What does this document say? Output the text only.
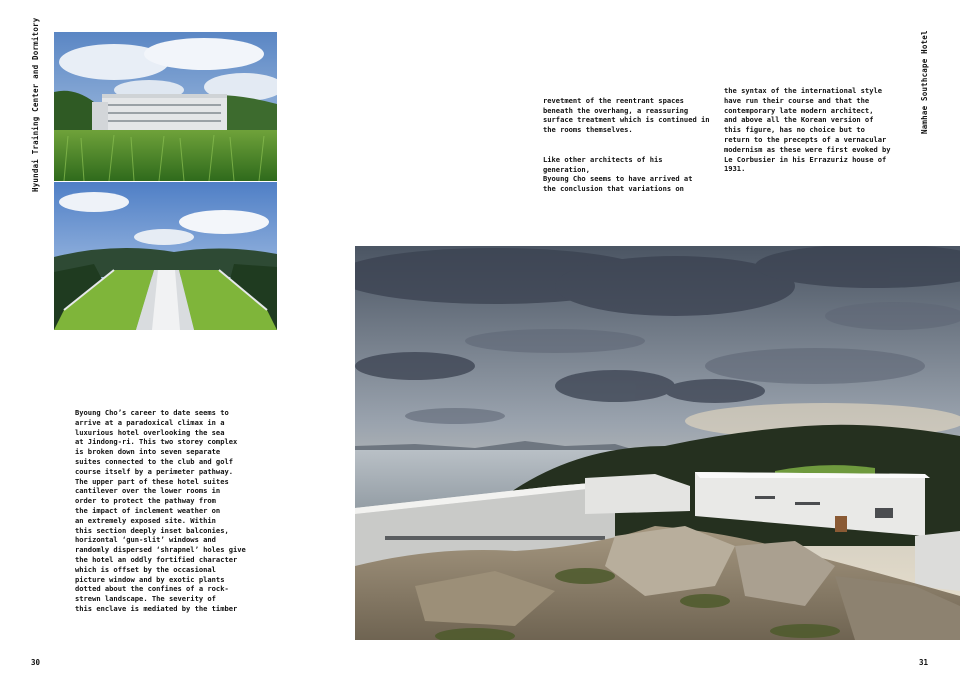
Hyundai Training Center and Dormitory	Namhae Southcape Hotel
Byoung Cho’s career to date seems to
arrive at a paradoxical climax in a
luxurious hotel overlooking the sea
at Jindong-ri. This two storey complex
is broken down into seven separate
suites connected to the club and golf
course itself by a perimeter pathway.
The upper part of these hotel suites
cantilever over the lower rooms in
order to protect the pathway from
the impact of inclement weather on
an extremely exposed site. Within
this section deeply inset balconies,
horizontal ‘gun-slit’ windows and
randomly dispersed ‘shrapnel’ holes give
the hotel an oddly fortified character
which is offset by the occasional
picture window and by exotic plants
dotted about the confines of a rock-
strewn landscape. The severity of
this enclave is mediated by the timber

revetment of the reentrant spaces
beneath the overhang, a reassuring
surface treatment which is continued in
the rooms themselves.

Like other architects of his generation,
Byoung Cho seems to have arrived at
the conclusion that variations on

the syntax of the international style
have run their course and that the
contemporary late modern architect,
and above all the Korean version of
this figure, has no choice but to
return to the precepts of a vernacular
modernism as these were first evoked by
Le Corbusier in his Errazuriz house of
1931.
30	31
